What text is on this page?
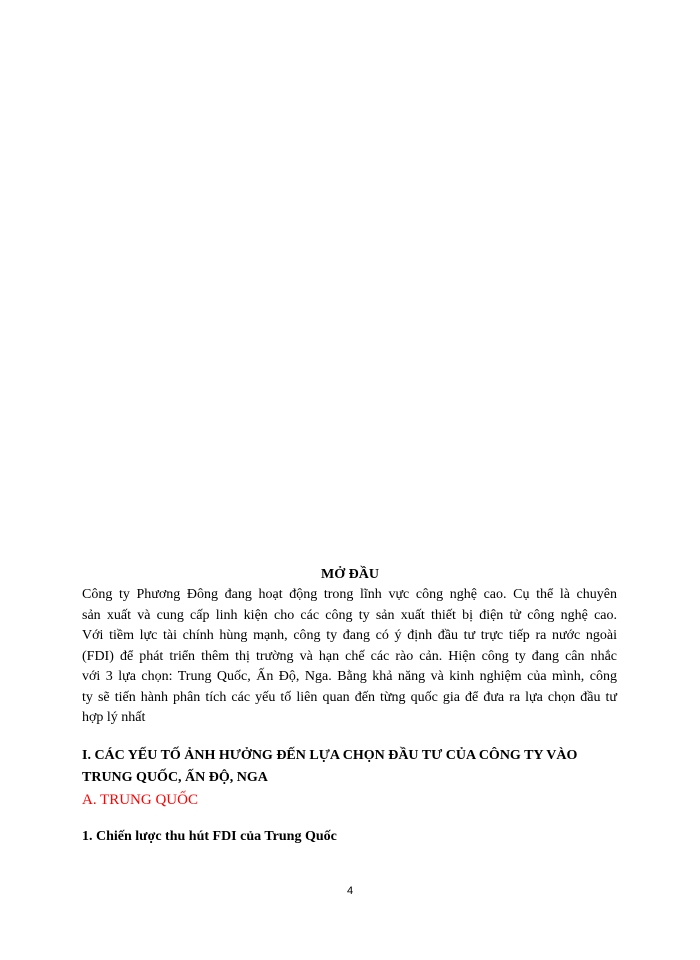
MỞ ĐẦU
Công ty Phương Đông đang hoạt động trong lĩnh vực công nghệ cao. Cụ thể là chuyên
sản xuất và cung cấp linh kiện cho các công ty sản xuất thiết bị điện tử công nghệ cao.
Với tiềm lực tài chính hùng mạnh, công ty đang có ý định đầu tư trực tiếp ra nước ngoài
(FDI) để phát triển thêm thị trường và hạn chế các rào cản. Hiện công ty đang cân nhắc
với 3 lựa chọn: Trung Quốc, Ấn Độ, Nga. Bằng khả năng và kinh nghiệm của mình, công
ty sẽ tiến hành phân tích các yếu tố liên quan đến từng quốc gia để đưa ra lựa chọn đầu tư
hợp lý nhất
I. CÁC YẾU TỐ ẢNH HƯỞNG ĐẾN LỰA CHỌN ĐẦU TƯ CỦA CÔNG TY VÀO
TRUNG QUỐC, ẤN ĐỘ, NGA
A. TRUNG QUỐC
1. Chiến lược thu hút FDI của Trung Quốc
4
